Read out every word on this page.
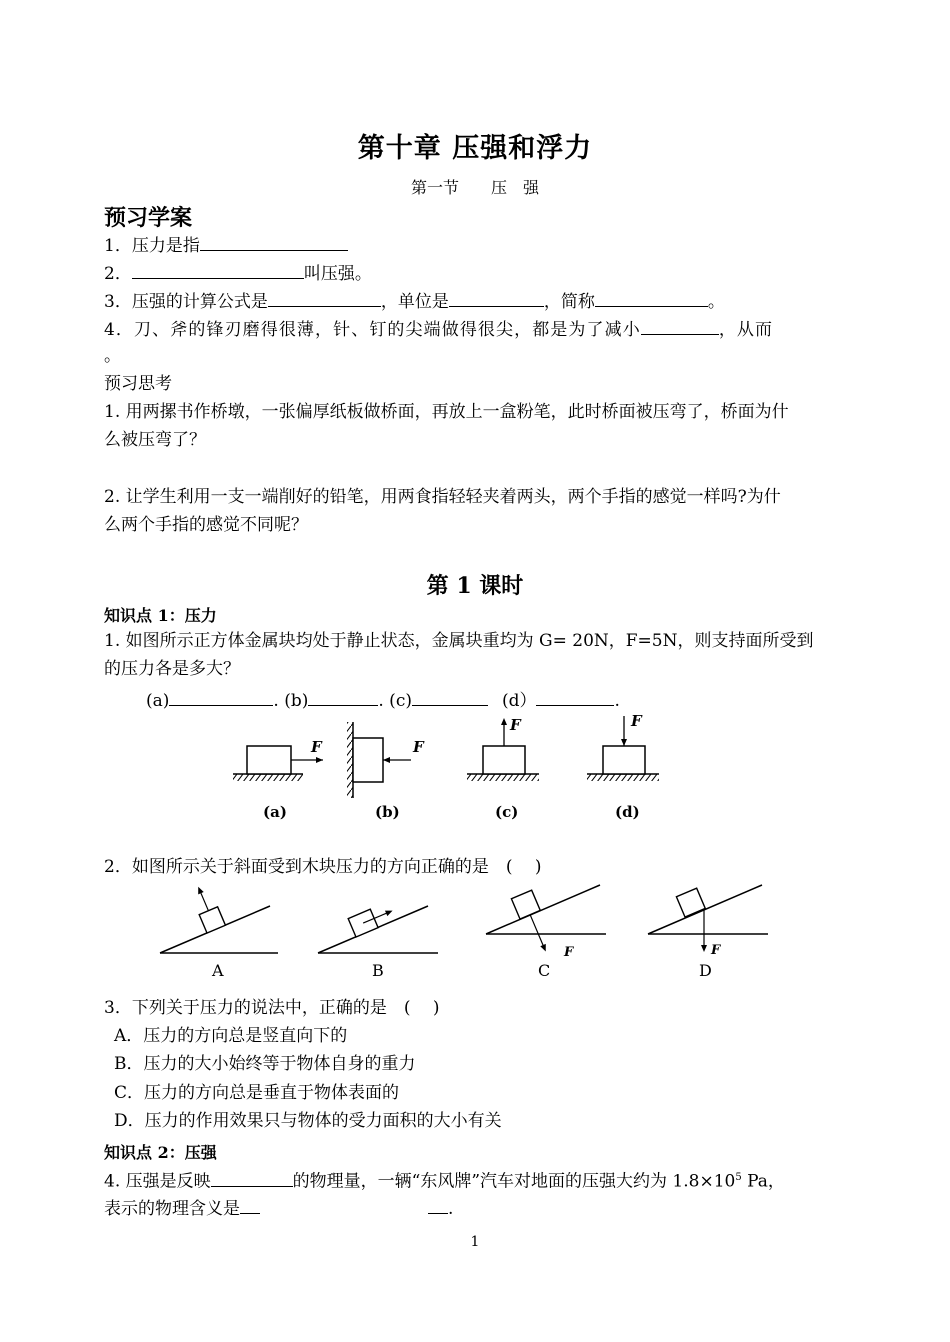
第十章 压强和浮力
第一节　　压　强
预习学案
1．压力是指
2．	叫压强。
3．压强的计算公式是	，单位是	，简称	。
4．刀、斧的锋刃磨得很薄，针、钉的尖端做得很尖，都是为了减小	，从而
。
预习思考
1. 用两摞书作桥墩，一张偏厚纸板做桥面，再放上一盒粉笔，此时桥面被压弯了，桥面为什
么被压弯了？
2. 让学生利用一支一端削好的铅笔，用两食指轻轻夹着两头，两个手指的感觉一样吗?为什
么两个手指的感觉不同呢？
第 1 课时
知识点 1：压力
1. 如图所示正方体金属块均处于静止状态，金属块重均为 G= 20N，F=5N，则支持面所受到
的压力各是多大？
(a)	. (b)	. (c)	(d）	.
F
(a)
F
(b)
F
(c)
F
(d)
2．如图所示关于斜面受到木块压力的方向正确的是　(　 )
A	B
F
C
F
D
3．下列关于压力的说法中，正确的是　(　 )
A．压力的方向总是竖直向下的
B．压力的大小始终等于物体自身的重力
C．压力的方向总是垂直于物体表面的
D．压力的作用效果只与物体的受力面积的大小有关
知识点 2：压强
4. 压强是反映	的物理量，一辆“东风牌”汽车对地面的压强大约为 $1.8\times 10^5$ Pa，
表示的物理含义是	.
1
